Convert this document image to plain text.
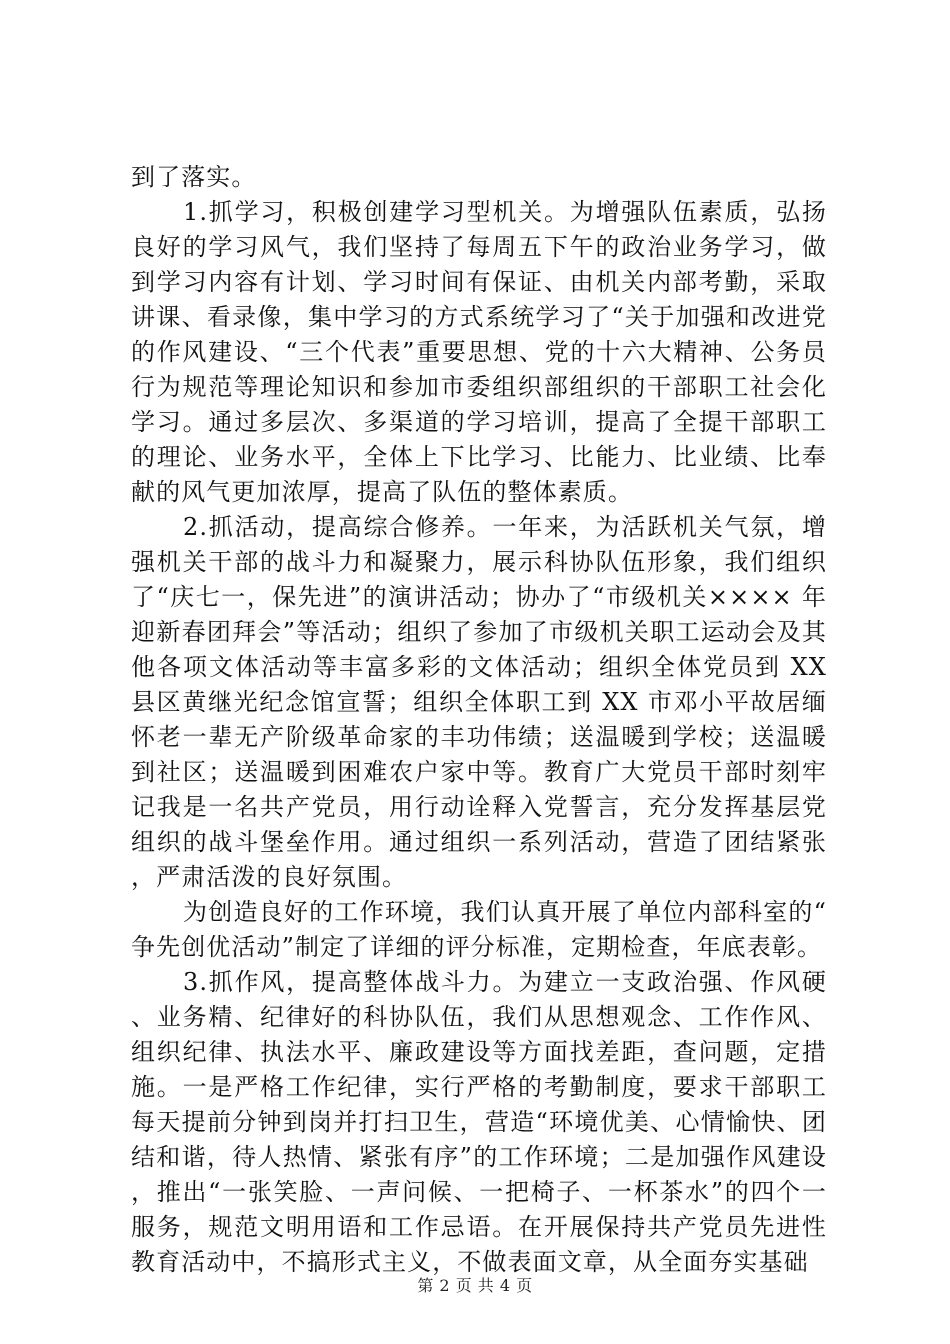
到了落实。

1.抓学习，积极创建学习型机关。为增强队伍素质，弘扬良好的学习风气，我们坚持了每周五下午的政治业务学习，做到学习内容有计划、学习时间有保证、由机关内部考勤，采取讲课、看录像，集中学习的方式系统学习了“关于加强和改进党的作风建设、“三个代表”重要思想、党的十六大精神、公务员行为规范等理论知识和参加市委组织部组织的干部职工社会化学习。通过多层次、多渠道的学习培训，提高了全提干部职工的理论、业务水平，全体上下比学习、比能力、比业绩、比奉献的风气更加浓厚，提高了队伍的整体素质。

2.抓活动，提高综合修养。一年来，为活跃机关气氛，增强机关干部的战斗力和凝聚力，展示科协队伍形象，我们组织了“庆七一，保先进”的演讲活动；协办了“市级机关×××× 年迎新春团拜会”等活动；组织了参加了市级机关职工运动会及其他各项文体活动等丰富多彩的文体活动；组织全体党员到 XX 县区黄继光纪念馆宣誓；组织全体职工到 XX 市邓小平故居缅怀老一辈无产阶级革命家的丰功伟绩；送温暖到学校；送温暖到社区；送温暖到困难农户家中等。教育广大党员干部时刻牢记我是一名共产党员，用行动诠释入党誓言，充分发挥基层党组织的战斗堡垒作用。通过组织一系列活动，营造了团结紧张，严肃活泼的良好氛围。

为创造良好的工作环境，我们认真开展了单位内部科室的“争先创优活动”制定了详细的评分标准，定期检查，年底表彰。

3.抓作风，提高整体战斗力。为建立一支政治强、作风硬、业务精、纪律好的科协队伍，我们从思想观念、工作作风、组织纪律、执法水平、廉政建设等方面找差距，查问题，定措施。一是严格工作纪律，实行严格的考勤制度，要求干部职工每天提前分钟到岗并打扫卫生，营造“环境优美、心情愉快、团结和谐，待人热情、紧张有序”的工作环境；二是加强作风建设，推出“一张笑脸、一声问候、一把椅子、一杯茶水”的四个一服务，规范文明用语和工作忌语。在开展保持共产党员先进性教育活动中，不搞形式主义，不做表面文章，从全面夯实基础

第 2 页 共 4 页
